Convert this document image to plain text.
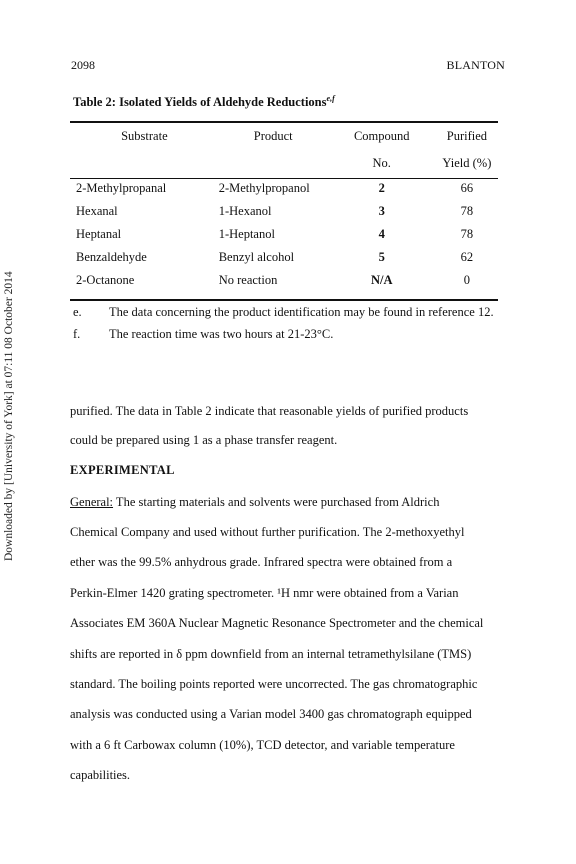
Downloaded by [University of York] at 07:11 08 October 2014
2098	BLANTON
Table 2: Isolated Yields of Aldehyde Reductions$^{e,f}$
Substrate	Product	Compound	Purified
		No.	Yield (%)
2-Methylpropanal	2-Methylpropanol	2	66
Hexanal	1-Hexanol	3	78
Heptanal	1-Heptanol	4	78
Benzaldehyde	Benzyl alcohol	5	62
2-Octanone	No reaction	N/A	0
e.	The data concerning the product identification may be found in reference 12.
f.	The reaction time was two hours at 21-23°C.
purified. The data in Table 2 indicate that reasonable yields of purified products
could be prepared using 1 as a phase transfer reagent.
EXPERIMENTAL
General: The starting materials and solvents were purchased from Aldrich
Chemical Company and used without further purification. The 2-methoxyethyl
ether was the 99.5% anhydrous grade. Infrared spectra were obtained from a
Perkin-Elmer 1420 grating spectrometer. ¹H nmr were obtained from a Varian
Associates EM 360A Nuclear Magnetic Resonance Spectrometer and the chemical
shifts are reported in δ ppm downfield from an internal tetramethylsilane (TMS)
standard. The boiling points reported were uncorrected. The gas chromatographic
analysis was conducted using a Varian model 3400 gas chromatograph equipped
with a 6 ft Carbowax column (10%), TCD detector, and variable temperature
capabilities.
